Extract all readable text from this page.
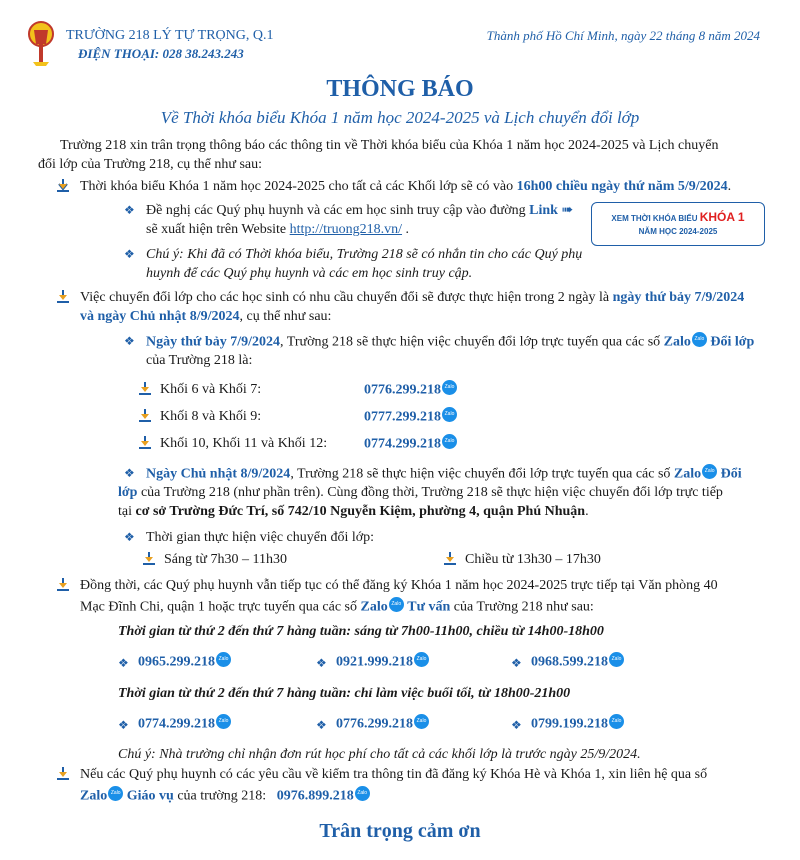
TRƯỜNG 218 LÝ TỰ TRỌNG, Q.1
ĐIỆN THOẠI: 028 38.243.243
Thành phố Hồ Chí Minh, ngày 22 tháng 8 năm 2024
THÔNG BÁO
Về Thời khóa biểu Khóa 1 năm học 2024-2025 và Lịch chuyển đổi lớp
Trường 218 xin trân trọng thông báo các thông tin về Thời khóa biểu của Khóa 1 năm học 2024-2025 và Lịch chuyển
đổi lớp của Trường 218, cụ thể như sau:
Thời khóa biểu Khóa 1 năm học 2024-2025 cho tất cả các Khối lớp sẽ có vào 16h00 chiều ngày thứ năm 5/9/2024.
❖ Đề nghị các Quý phụ huynh và các em học sinh truy cập vào đường Link ➠
sẽ xuất hiện trên Website http://truong218.vn/ .
XEM THỜI KHÓA BIỂU KHÓA 1
NĂM HỌC 2024-2025
❖ Chú ý: Khi đã có Thời khóa biểu, Trường 218 sẽ có nhắn tin cho các Quý phụ
huynh để các Quý phụ huynh và các em học sinh truy cập.
Việc chuyển đổi lớp cho các học sinh có nhu cầu chuyển đổi sẽ được thực hiện trong 2 ngày là ngày thứ bảy 7/9/2024
và ngày Chủ nhật 8/9/2024, cụ thể như sau:
❖ Ngày thứ bảy 7/9/2024, Trường 218 sẽ thực hiện việc chuyển đổi lớp trực tuyến qua các số Zalo Zalo Đổi lớp
của Trường 218 là:
Khối 6 và Khối 7:	0776.299.218 Zalo
Khối 8 và Khối 9:	0777.299.218 Zalo
Khối 10, Khối 11 và Khối 12:	0774.299.218 Zalo
❖ Ngày Chủ nhật 8/9/2024, Trường 218 sẽ thực hiện việc chuyển đổi lớp trực tuyến qua các số Zalo Zalo Đổi
lớp của Trường 218 (như phần trên). Cùng đồng thời, Trường 218 sẽ thực hiện việc chuyển đổi lớp trực tiếp
tại cơ sở Trường Đức Trí, số 742/10 Nguyễn Kiệm, phường 4, quận Phú Nhuận.
❖ Thời gian thực hiện việc chuyển đổi lớp:
Sáng từ 7h30 – 11h30	Chiều từ 13h30 – 17h30
Đồng thời, các Quý phụ huynh vẫn tiếp tục có thể đăng ký Khóa 1 năm học 2024-2025 trực tiếp tại Văn phòng 40
Mạc Đĩnh Chi, quận 1 hoặc trực tuyến qua các số Zalo Zalo Tư vấn của Trường 218 như sau:
Thời gian từ thứ 2 đến thứ 7 hàng tuần: sáng từ 7h00-11h00, chiều từ 14h00-18h00
❖ 0965.299.218 Zalo	❖ 0921.999.218 Zalo	❖ 0968.599.218 Zalo
Thời gian từ thứ 2 đến thứ 7 hàng tuần: chỉ làm việc buổi tối, từ 18h00-21h00
❖ 0774.299.218 Zalo	❖ 0776.299.218 Zalo	❖ 0799.199.218 Zalo
Chú ý: Nhà trường chỉ nhận đơn rút học phí cho tất cả các khối lớp là trước ngày 25/9/2024.
Nếu các Quý phụ huynh có các yêu cầu về kiểm tra thông tin đã đăng ký Khóa Hè và Khóa 1, xin liên hệ qua số
Zalo Zalo Giáo vụ của trường 218: 0976.899.218 Zalo
Trân trọng cảm ơn
